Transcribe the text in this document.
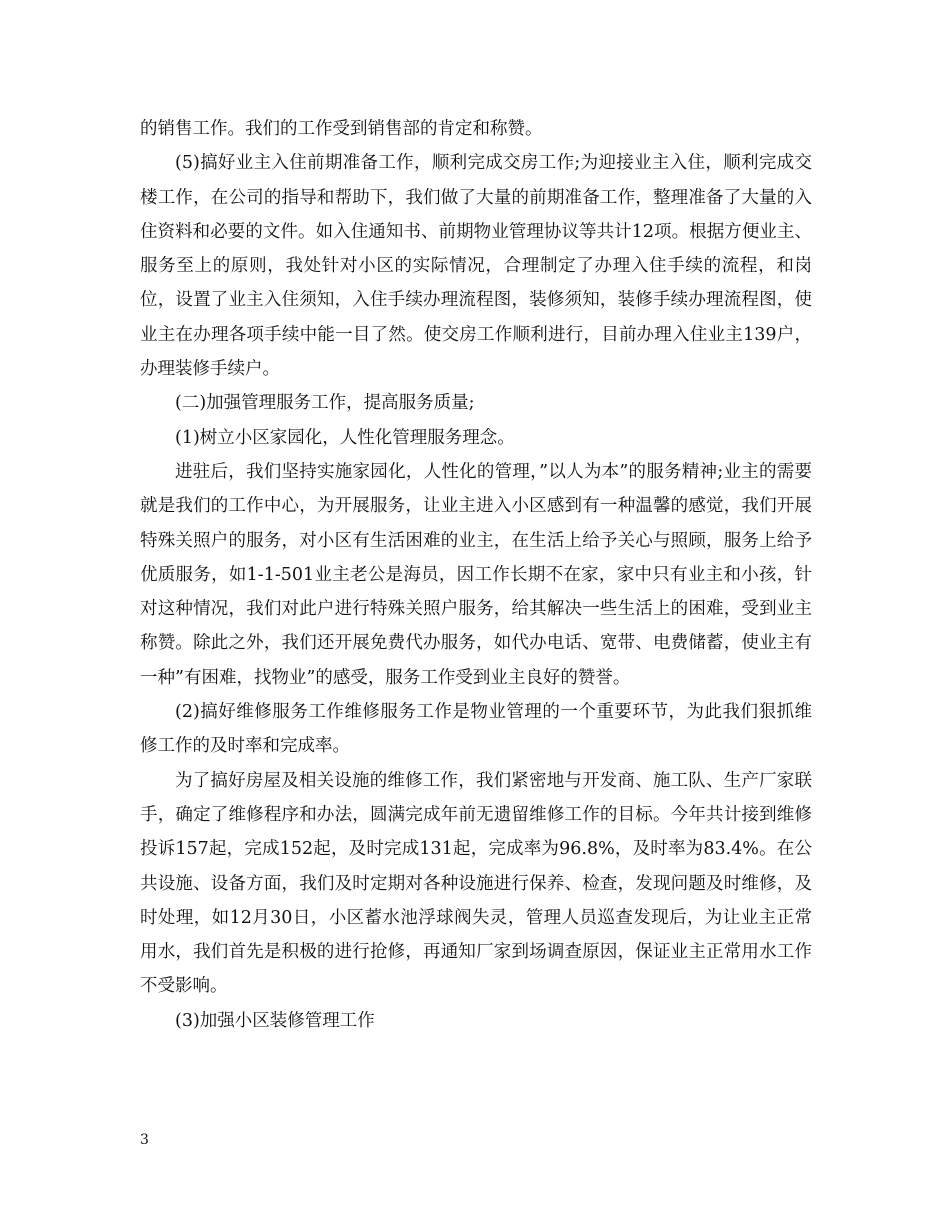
的销售工作。我们的工作受到销售部的肯定和称赞。

(5)搞好业主入住前期准备工作，顺利完成交房工作;为迎接业主入住，顺利完成交楼工作，在公司的指导和帮助下，我们做了大量的前期准备工作，整理准备了大量的入住资料和必要的文件。如入住通知书、前期物业管理协议等共计12项。根据方便业主、服务至上的原则，我处针对小区的实际情况，合理制定了办理入住手续的流程，和岗位，设置了业主入住须知，入住手续办理流程图，装修须知，装修手续办理流程图，使业主在办理各项手续中能一目了然。使交房工作顺利进行，目前办理入住业主139户，办理装修手续户。

(二)加强管理服务工作，提高服务质量;

(1)树立小区家园化，人性化管理服务理念。

进驻后，我们坚持实施家园化，人性化的管理，”以人为本”的服务精神;业主的需要就是我们的工作中心，为开展服务，让业主进入小区感到有一种温馨的感觉，我们开展特殊关照户的服务，对小区有生活困难的业主，在生活上给予关心与照顾，服务上给予优质服务，如1-1-501业主老公是海员，因工作长期不在家，家中只有业主和小孩，针对这种情况，我们对此户进行特殊关照户服务，给其解决一些生活上的困难，受到业主称赞。除此之外，我们还开展免费代办服务，如代办电话、宽带、电费储蓄，使业主有一种”有困难，找物业”的感受，服务工作受到业主良好的赞誉。

(2)搞好维修服务工作维修服务工作是物业管理的一个重要环节，为此我们狠抓维修工作的及时率和完成率。

为了搞好房屋及相关设施的维修工作，我们紧密地与开发商、施工队、生产厂家联手，确定了维修程序和办法，圆满完成年前无遗留维修工作的目标。今年共计接到维修投诉157起，完成152起，及时完成131起，完成率为96.8%，及时率为83.4%。在公共设施、设备方面，我们及时定期对各种设施进行保养、检查，发现问题及时维修，及时处理，如12月30日，小区蓄水池浮球阀失灵，管理人员巡查发现后，为让业主正常用水，我们首先是积极的进行抢修，再通知厂家到场调查原因，保证业主正常用水工作不受影响。

(3)加强小区装修管理工作

3
